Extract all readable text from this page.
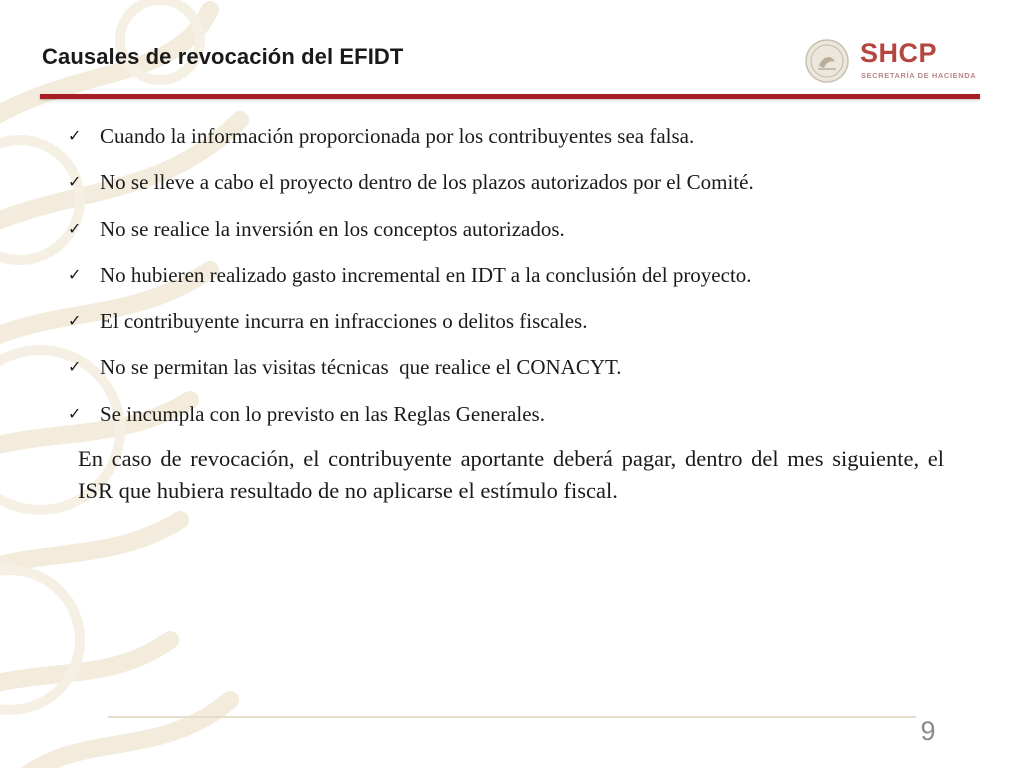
Causales de revocación del EFIDT	SHCP
SECRETARÍA DE HACIENDA
✓ Cuando la información proporcionada por los contribuyentes sea falsa.
✓ No se lleve a cabo el proyecto dentro de los plazos autorizados por el Comité.
✓ No se realice la inversión en los conceptos autorizados.
✓ No hubieren realizado gasto incremental en IDT a la conclusión del proyecto.
✓ El contribuyente incurra en infracciones o delitos fiscales.
✓ No se permitan las visitas técnicas  que realice el CONACYT.
✓ Se incumpla con lo previsto en las Reglas Generales.

En caso de revocación, el contribuyente aportante deberá pagar, dentro del mes siguiente, el ISR que hubiera resultado de no aplicarse el estímulo fiscal.

9
